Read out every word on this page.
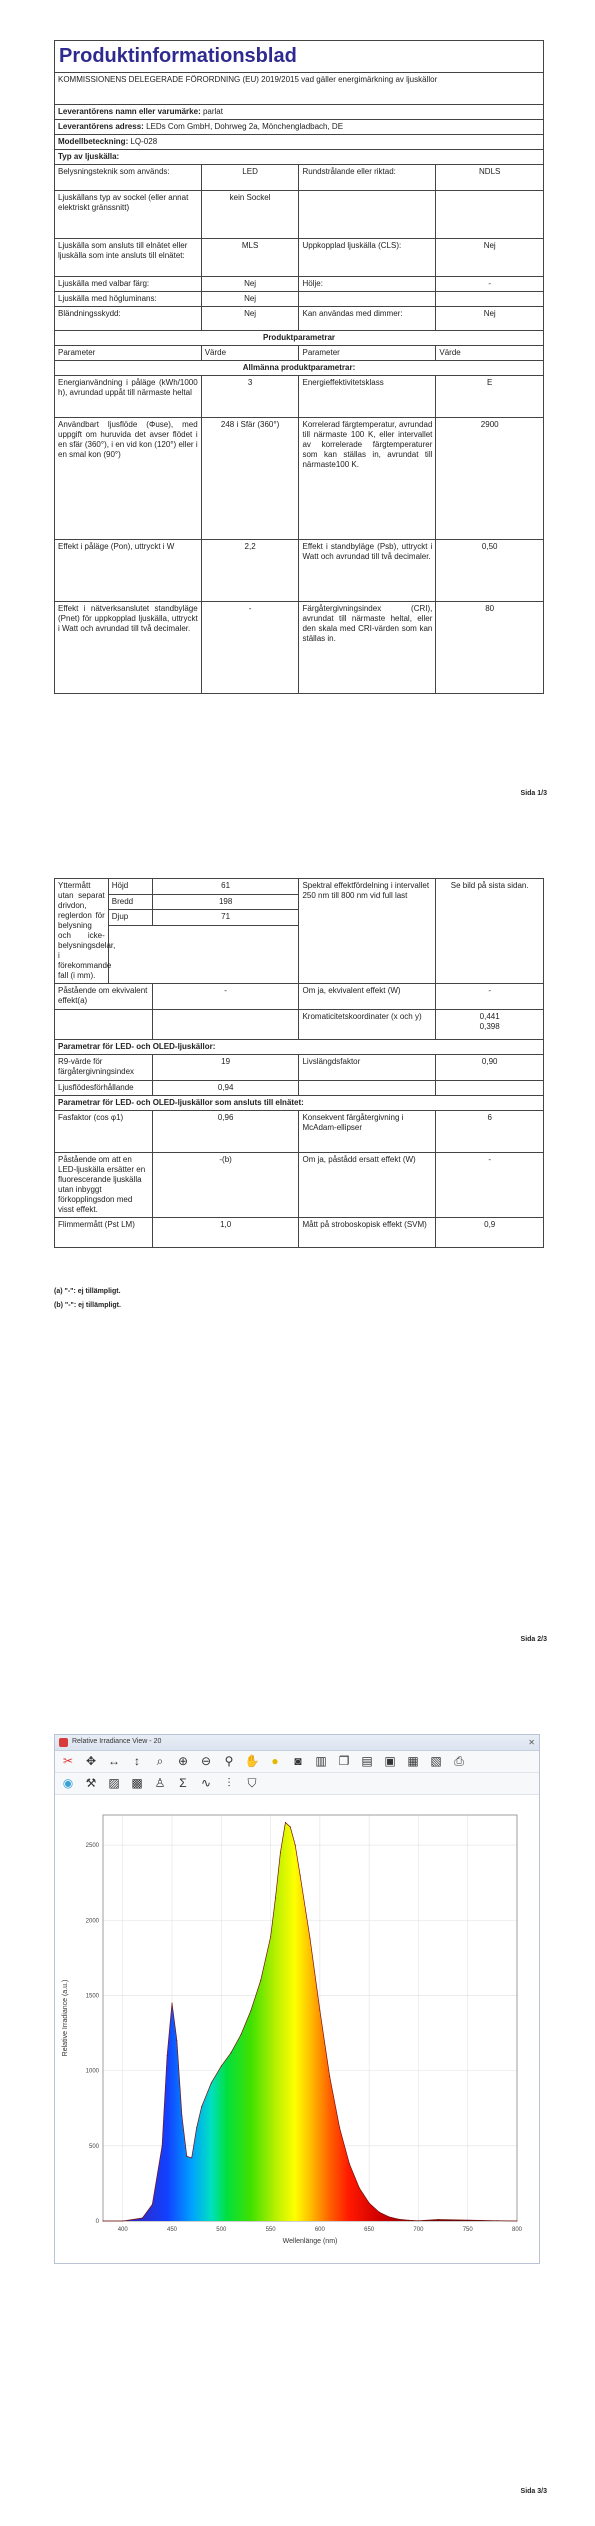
Produktinformationsblad			
KOMMISSIONENS DELEGERADE FÖRORDNING (EU) 2019/2015 vad gäller energimärkning av ljuskällor			
Leverantörens namn eller varumärke: parlat			
Leverantörens adress: LEDs Com GmbH, Dohrweg 2a, Mönchengladbach, DE			
Modellbeteckning: LQ-028			
Typ av ljuskälla:			
Belysningsteknik som används:	LED	Rundstrålande eller riktad:	NDLS
Ljuskällans typ av sockel (eller annat elektriskt gränssnitt)	kein Sockel		
Ljuskälla som ansluts till elnätet eller ljuskälla som inte ansluts till elnätet:	MLS	Uppkopplad ljuskälla (CLS):	Nej
Ljuskälla med valbar färg:	Nej	Hölje:	-
Ljuskälla med högluminans:	Nej		
Bländningsskydd:	Nej	Kan användas med dimmer:	Nej
Produktparametrar			
Parameter	Värde	Parameter	Värde
Allmänna produktparametrar:			
Energianvändning i påläge (kWh/1000 h), avrundad uppåt till närmaste heltal	3	Energieffektivitetsklass	E
Användbart ljusflöde (Φuse), med uppgift om huruvida det avser flödet i en sfär (360°), i en vid kon (120°) eller i en smal kon (90°)	248 i Sfär (360°)	Korrelerad färgtemperatur, avrundad till närmaste 100 K, eller intervallet av korrelerade färgtemperaturer som kan ställas in, avrundat till närmaste100 K.	2900
Effekt i påläge (Pon), uttryckt i W	2,2	Effekt i standbyläge (Psb), uttryckt i Watt och avrundad till två decimaler.	0,50
Effekt i nätverksanslutet standbyläge (Pnet) för uppkopplad ljuskälla, uttryckt i Watt och avrundad till två decimaler.	-	Färgåtergivningsindex (CRI), avrundat till närmaste heltal, eller den skala med CRI-värden som kan ställas in.	80
Sida 1/3
Yttermått utan separat drivdon, reglerdon för belysning och icke-belysningsdelar, i förekommande fall (i mm).	Höjd	61	Spektral effektfördelning i intervallet 250 nm till 800 nm vid full last	Se bild på sista sidan.
	Bredd	198		
	Djup	71		

Påstående om ekvivalent effekt(a)		-	Om ja, ekvivalent effekt (W)	-
			Kromaticitetskoordinater (x och y)	0,441
0,398

Parametrar för LED- och OLED-ljuskällor:				
R9-värde för färgåtergivningsindex		19	Livslängdsfaktor	0,90
Ljusflödesförhållande		0,94		
Parametrar för LED- och OLED-ljuskällor som ansluts till elnätet:				
Fasfaktor (cos φ1)		0,96	Konsekvent färgåtergivning i McAdam-ellipser	6
Påstående om att en LED-ljuskälla ersätter en fluorescerande ljuskälla utan inbyggt förkopplingsdon med visst effekt.		-(b)	Om ja, påstådd ersatt effekt (W)	-
Flimmermått (Pst LM)		1,0	Mått på stroboskopisk effekt (SVM)	0,9
(a) "-": ej tillämpligt.
(b) "-": ej tillämpligt.
Sida 2/3
Relative Irradiance View - 20	✕
✂ ✥ ↔	↕	⌕	⊕ ⊖ ⚲ ✋ ● ◙ ▥ ❐ ▤ ▣ ▦ ▧ ⎙
◉ ⚒ ▨ ▩ ♙ Σ ∿	⫶	⛉
0
500
1000
1500
2000
2500
400	450	500	550	600	650	700	750	800
Wellenlänge (nm)
Relative Irradiance (a.u.)
Sida 3/3
